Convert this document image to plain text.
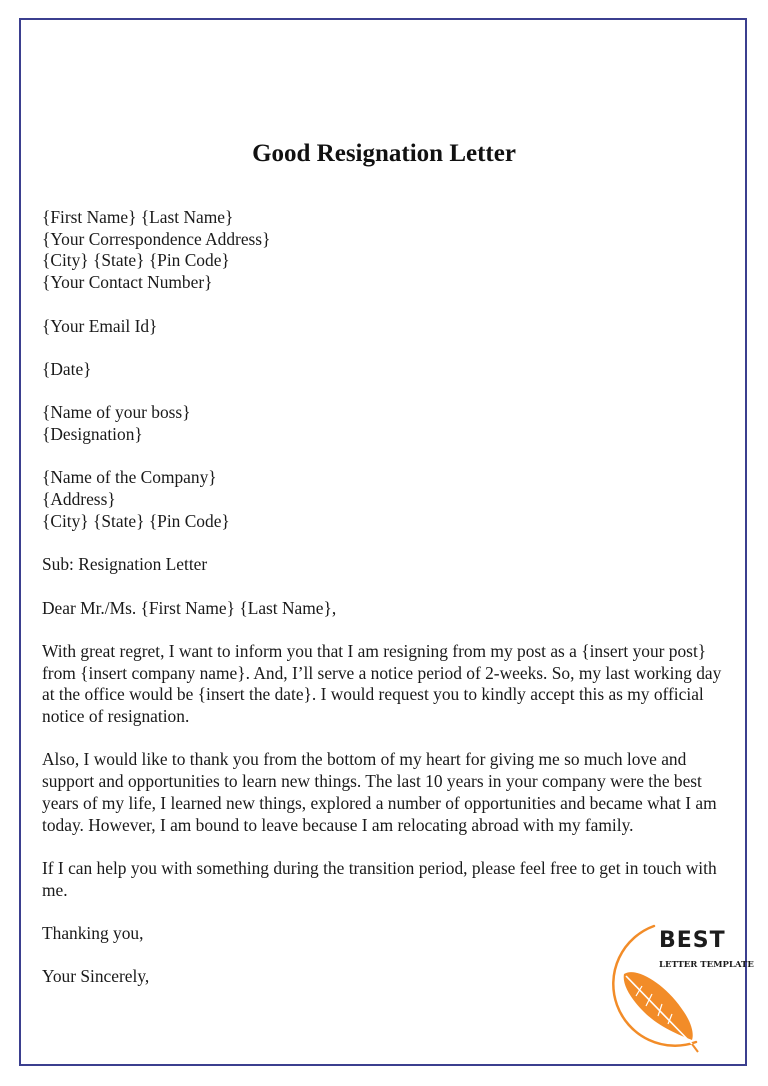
Good Resignation Letter
{First Name} {Last Name}
{Your Correspondence Address}
{City} {State} {Pin Code}
{Your Contact Number}
{Your Email Id}
{Date}
{Name of your boss}
{Designation}
{Name of the Company}
{Address}
{City} {State} {Pin Code}
Sub: Resignation Letter
Dear Mr./Ms. {First Name} {Last Name},
With great regret, I want to inform you that I am resigning from my post as a {insert your post} from {insert company name}. And, I’ll serve a notice period of 2-weeks. So, my last working day at the office would be {insert the date}. I would request you to kindly accept this as my official notice of resignation.
Also, I would like to thank you from the bottom of my heart for giving me so much love and support and opportunities to learn new things. The last 10 years in your company were the best years of my life, I learned new things, explored a number of opportunities and became what I am today. However, I am bound to leave because I am relocating abroad with my family.
If I can help you with something during the transition period, please feel free to get in touch with me.
Thanking you,
Your Sincerely,
BEST
LETTER TEMPLATE
